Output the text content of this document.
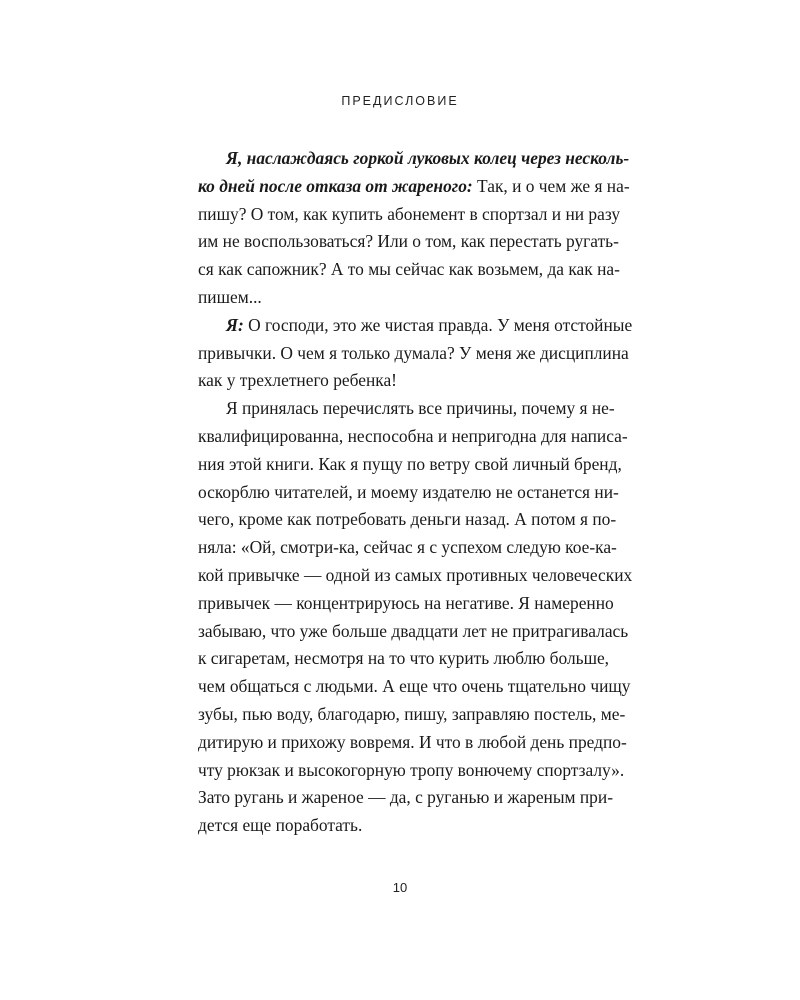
ПРЕДИСЛОВИЕ
Я, наслаждаясь горкой луковых колец через несколь-
ко дней после отказа от жареного: Так, и о чем же я на-
пишу? О том, как купить абонемент в спортзал и ни разу
им не воспользоваться? Или о том, как перестать ругать-
ся как сапожник? А то мы сейчас как возьмем, да как на-
пишем...
Я: О господи, это же чистая правда. У меня отстойные
привычки. О чем я только думала? У меня же дисциплина
как у трехлетнего ребенка!
Я принялась перечислять все причины, почему я не-
квалифицированна, неспособна и непригодна для написа-
ния этой книги. Как я пущу по ветру свой личный бренд,
оскорблю читателей, и моему издателю не останется ни-
чего, кроме как потребовать деньги назад. А потом я по-
няла: «Ой, смотри-ка, сейчас я с успехом следую кое-ка-
кой привычке — одной из самых противных человеческих
привычек — концентрируюсь на негативе. Я намеренно
забываю, что уже больше двадцати лет не притрагивалась
к сигаретам, несмотря на то что курить люблю больше,
чем общаться с людьми. А еще что очень тщательно чищу
зубы, пью воду, благодарю, пишу, заправляю постель, ме-
дитирую и прихожу вовремя. И что в любой день предпо-
чту рюкзак и высокогорную тропу вонючему спортзалу».
Зато ругань и жареное — да, с руганью и жареным при-
дется еще поработать.
10
